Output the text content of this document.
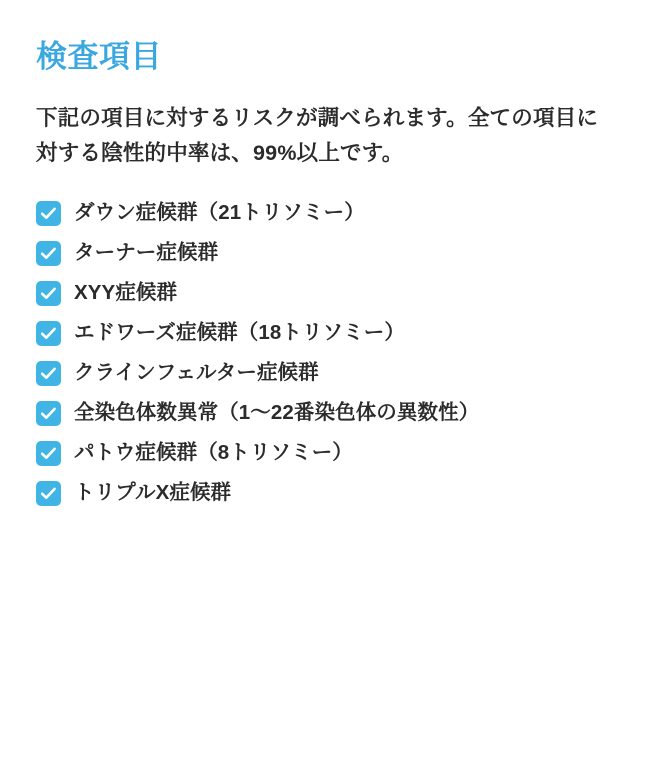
検査項目

下記の項目に対するリスクが調べられます。全ての項目に対する陰性的中率は、99%以上です。

ダウン症候群（21トリソミー）
ターナー症候群
XYY症候群
エドワーズ症候群（18トリソミー）
クラインフェルター症候群
全染色体数異常（1〜22番染色体の異数性）
パトウ症候群（8トリソミー）
トリプルX症候群
